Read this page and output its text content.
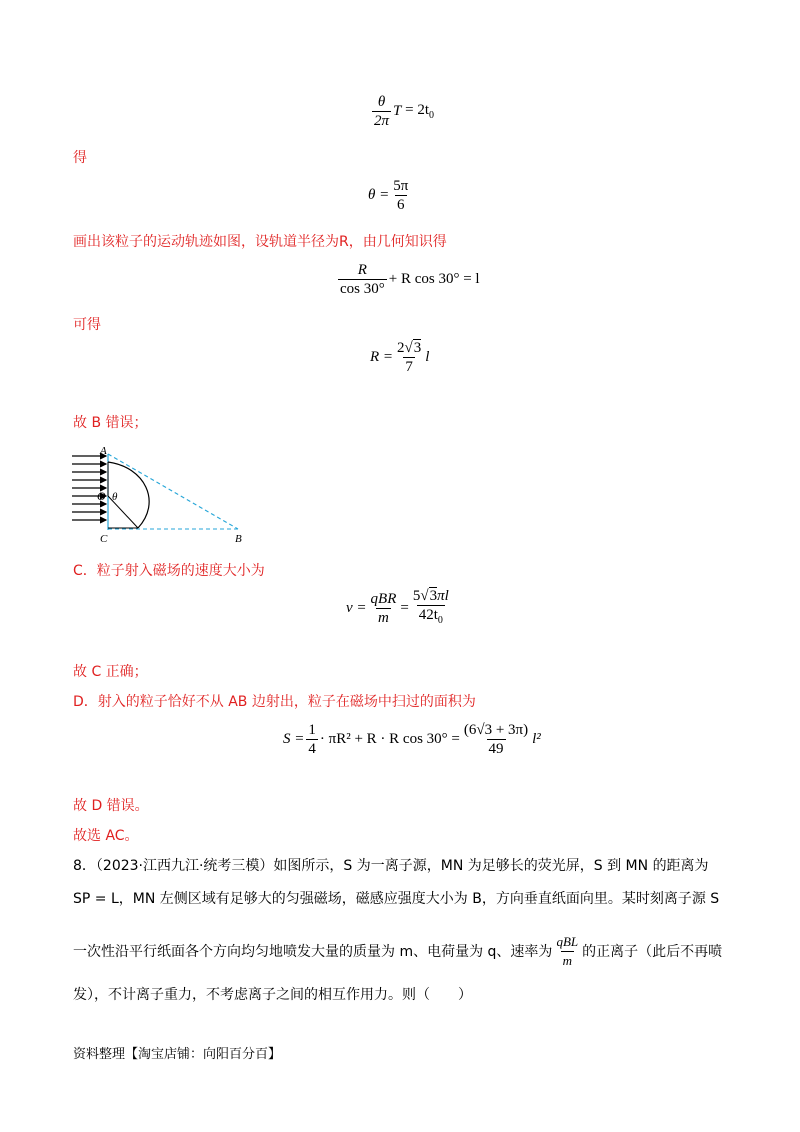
$\frac{\theta}{2\pi}$ $T = 2t_0$
得
$\theta = \frac{5\pi}{6}$
画出该粒子的运动轨迹如图，设轨道半径为R，由几何知识得
$\frac{R}{\cos 30^\circ} + R$ cos 30° = l
可得
$R = \frac{2√3}{7}$ l
故 B 错误；
A
O θ
C	B
C．粒子射入磁场的速度大小为
$v = \frac{\text{qBR}}{m} = \frac{5√3\pi l}{42t_0}$
故 C 正确；
D．射入的粒子恰好不从 AB 边射出，粒子在磁场中扫过的面积为
$S = \frac{1}{4} \cdot \pi R^2 + R \cdot R$ $\cos 30^\circ = \frac{(6√3 + 3\pi)}{49} l^2$
故 D 错误。
故选 AC。
8．（2023·江西九江·统考三模）如图所示，S 为一离子源，MN 为足够长的荧光屏，S 到 MN 的距离为
SP = L，MN 左侧区域有足够大的匀强磁场，磁感应强度大小为 B，方向垂直纸面向里。某时刻离子源 S
一次性沿平行纸面各个方向均匀地喷发大量的质量为 m、电荷量为 q、速率为 $\frac{\text{qBL}}{m}$ 的正离子（此后不再喷
发），不计离子重力，不考虑离子之间的相互作用力。则（　　）
资料整理【淘宝店铺：向阳百分百】
